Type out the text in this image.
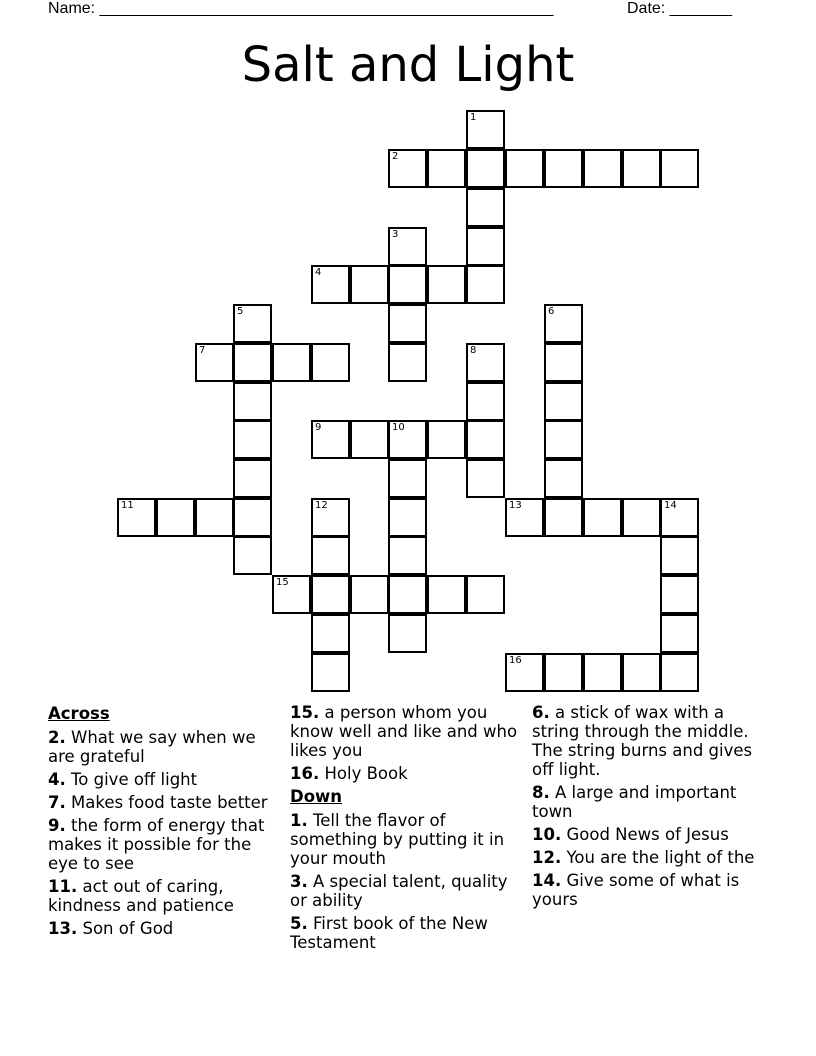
Name: ___________________________________________________	Date: _______
Salt and Light
1
2
3
4
5	6
7	8
9	10
11	12	13	14
15
16
Across
2. What we say when we are grateful
4. To give off light
7. Makes food taste better
9. the form of energy that makes it possible for the eye to see
11. act out of caring, kindness and patience
13. Son of God
15. a person whom you know well and like and who likes you
16. Holy Book
Down
1. Tell the flavor of something by putting it in your mouth
3. A special talent, quality or ability
5. First book of the New Testament
6. a stick of wax with a string through the middle. The string burns and gives off light.
8. A large and important town
10. Good News of Jesus
12. You are the light of the
14. Give some of what is yours
